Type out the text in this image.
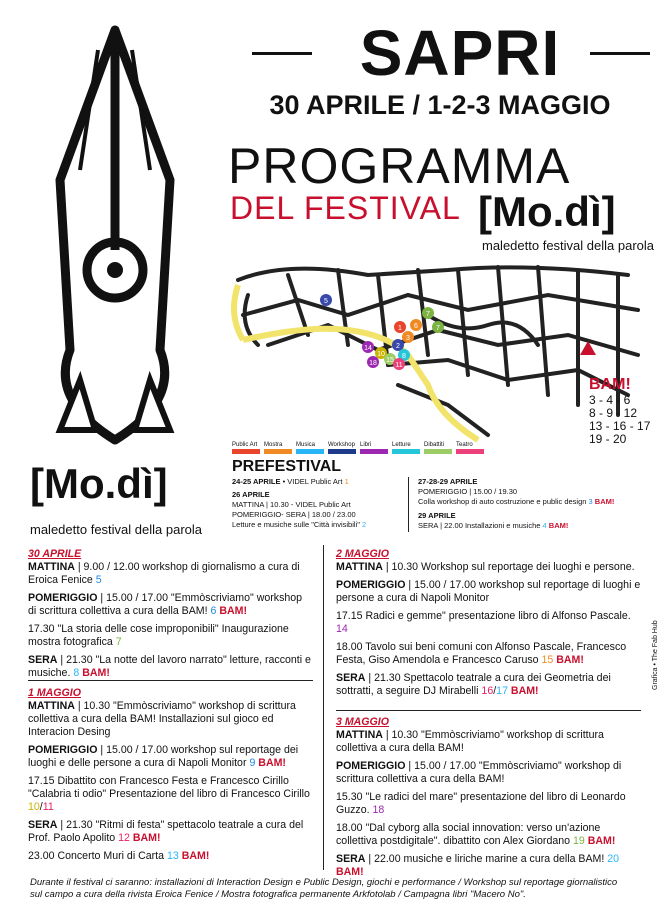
[Mo.dì]
maledetto festival della parola
SAPRI
30 APRILE / 1-2-3 MAGGIO
PROGRAMMA
DEL FESTIVAL [Mo.dì]
maledetto festival della parola
5
7
1 6	7
3
2
8
14
10
15
18	11
BAM!
3 - 4 - 6
8 - 9 - 12
13 - 16 - 17
19 - 20
Public Art	Mostra	Musica	Workshop Libri	Letture	Dibattiti	Teatro
PREFESTIVAL
24-25 APRILE • VIDEL Public Art 1
26 APRILE
MATTINA | 10.30 - VIDEL Public Art
POMERIGGIO- SERA | 18.00 / 23.00
Letture e musiche sulle "Città invisibili" 2
27-28-29 APRILE
POMERIGGIO | 15.00 / 19.30
Colla workshop di auto costruzione e public design 3 BAM!
29 APRILE
SERA | 22.00 Installazioni e musiche 4 BAM!
30 APRILE
MATTINA | 9.00 / 12.00 workshop di giornalismo a cura di Eroica Fenice 5
POMERIGGIO | 15.00 / 17.00 "Emmòscriviamo" workshop di scrittura collettiva a cura della BAM! 6 BAM!
17.30 "La storia delle cose improponibili" Inaugurazione mostra fotografica 7
SERA | 21.30 "La notte del lavoro narrato" letture, racconti e musiche. 8 BAM!
1 MAGGIO
MATTINA | 10.30 "Emmòscriviamo" workshop di scrittura collettiva a cura della BAM! Installazioni sul gioco ed Interacion Desing
POMERIGGIO | 15.00 / 17.00 workshop sul reportage dei luoghi e delle persone a cura di Napoli Monitor 9 BAM!
17.15 Dibattito con Francesco Festa e Francesco Cirillo "Calabria ti odio" Presentazione del libro di Francesco Cirillo 10/11
SERA | 21.30 "Ritmi di festa" spettacolo teatrale a cura del Prof. Paolo Apolito 12 BAM!
23.00 Concerto Muri di Carta 13 BAM!
2 MAGGIO
MATTINA | 10.30 Workshop sul reportage dei luoghi e persone.
POMERIGGIO | 15.00 / 17.00 workshop sul reportage di luoghi e persone a cura di Napoli Monitor
17.15 Radici e gemme" presentazione libro di Alfonso Pascale. 14
18.00 Tavolo sui beni comuni con Alfonso Pascale, Francesco Festa, Giso Amendola e Francesco Caruso 15 BAM!
SERA | 21.30 Spettacolo teatrale a cura dei Geometria dei sottratti, a seguire DJ Mirabelli 16/17 BAM!
3 MAGGIO
MATTINA | 10.30 "Emmòscriviamo" workshop di scrittura collettiva a cura della BAM!
POMERIGGIO | 15.00 / 17.00 "Emmòscriviamo" workshop di scrittura collettiva a cura della BAM!
15.30 "Le radici del mare" presentazione del libro di Leonardo Guzzo. 18
18.00 "Dal cyborg alla social innovation: verso un'azione collettiva postdigitale". dibattito con Alex Giordano 19 BAM!
SERA | 22.00 musiche e liriche marine a cura della BAM! 20 BAM!
Durante il festival ci saranno: installazioni di Interaction Design e Public Design, giochi e performance / Workshop sul reportage giornalistico sul campo a cura della rivista Eroica Fenice / Mostra fotografica permanente Arkfotolab / Campagna libri "Macero No".
Grafica • The Fab Hub
